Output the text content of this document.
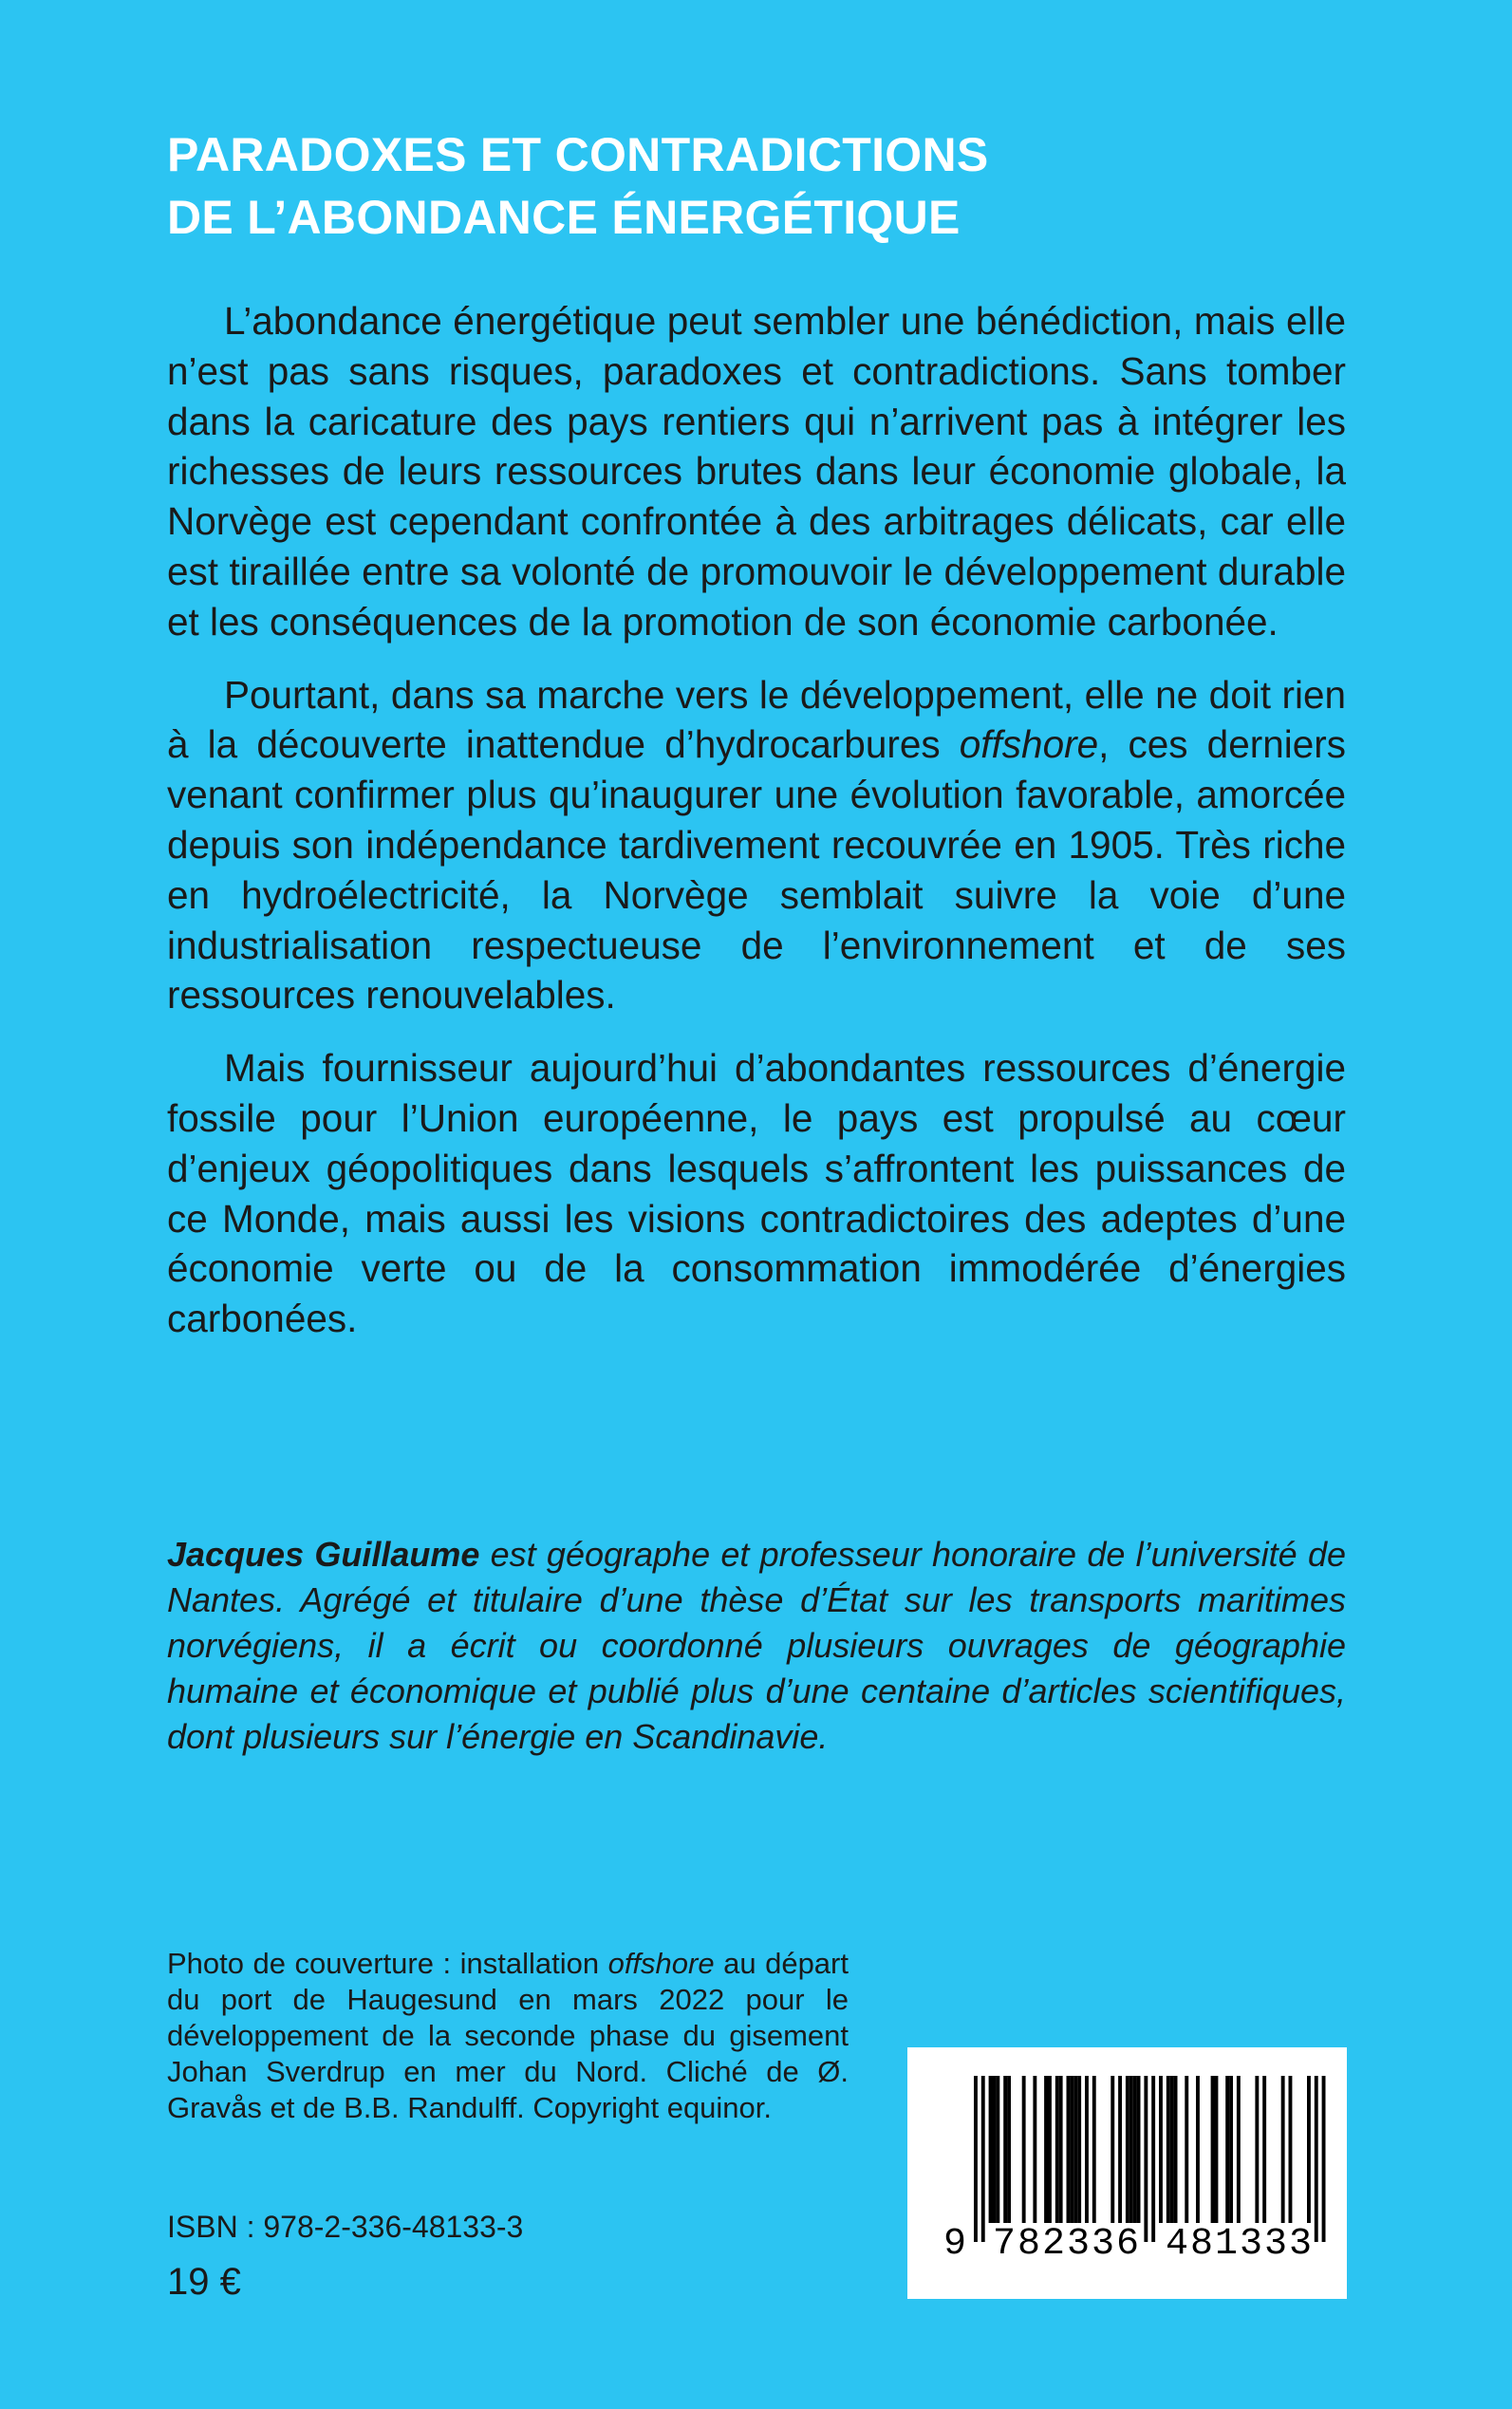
PARADOXES ET CONTRADICTIONS
DE L’ABONDANCE ÉNERGÉTIQUE

L’abondance énergétique peut sembler une bénédiction, mais elle n’est pas sans risques, paradoxes et contradictions. Sans tomber dans la caricature des pays rentiers qui n’arrivent pas à intégrer les richesses de leurs ressources brutes dans leur économie globale, la Norvège est cependant confrontée à des arbitrages délicats, car elle est tiraillée entre sa volonté de promouvoir le développement durable et les conséquences de la promotion de son économie carbonée.

Pourtant, dans sa marche vers le développement, elle ne doit rien à la découverte inattendue d’hydrocarbures offshore, ces derniers venant confirmer plus qu’inaugurer une évolution favorable, amorcée depuis son indépendance tardivement recouvrée en 1905. Très riche en hydroélectricité, la Norvège semblait suivre la voie d’une industrialisation respectueuse de l’environnement et de ses ressources renouvelables.

Mais fournisseur aujourd’hui d’abondantes ressources d’énergie fossile pour l’Union européenne, le pays est propulsé au cœur d’enjeux géopolitiques dans lesquels s’affrontent les puissances de ce Monde, mais aussi les visions contradictoires des adeptes d’une économie verte ou de la consommation immodérée d’énergies carbonées.

Jacques Guillaume est géographe et professeur honoraire de l’université de Nantes. Agrégé et titulaire d’une thèse d’État sur les transports maritimes norvégiens, il a écrit ou coordonné plusieurs ouvrages de géographie humaine et économique et publié plus d’une centaine d’articles scientifiques, dont plusieurs sur l’énergie en Scandinavie.
Photo de couverture : installation offshore au départ du port de Haugesund en mars 2022 pour le développement de la seconde phase du gisement Johan Sverdrup en mer du Nord. Cliché de Ø. Gravås et de B.B. Randulff. Copyright equinor.
ISBN : 978-2-336-48133-3
19 €
9 782336 481333
